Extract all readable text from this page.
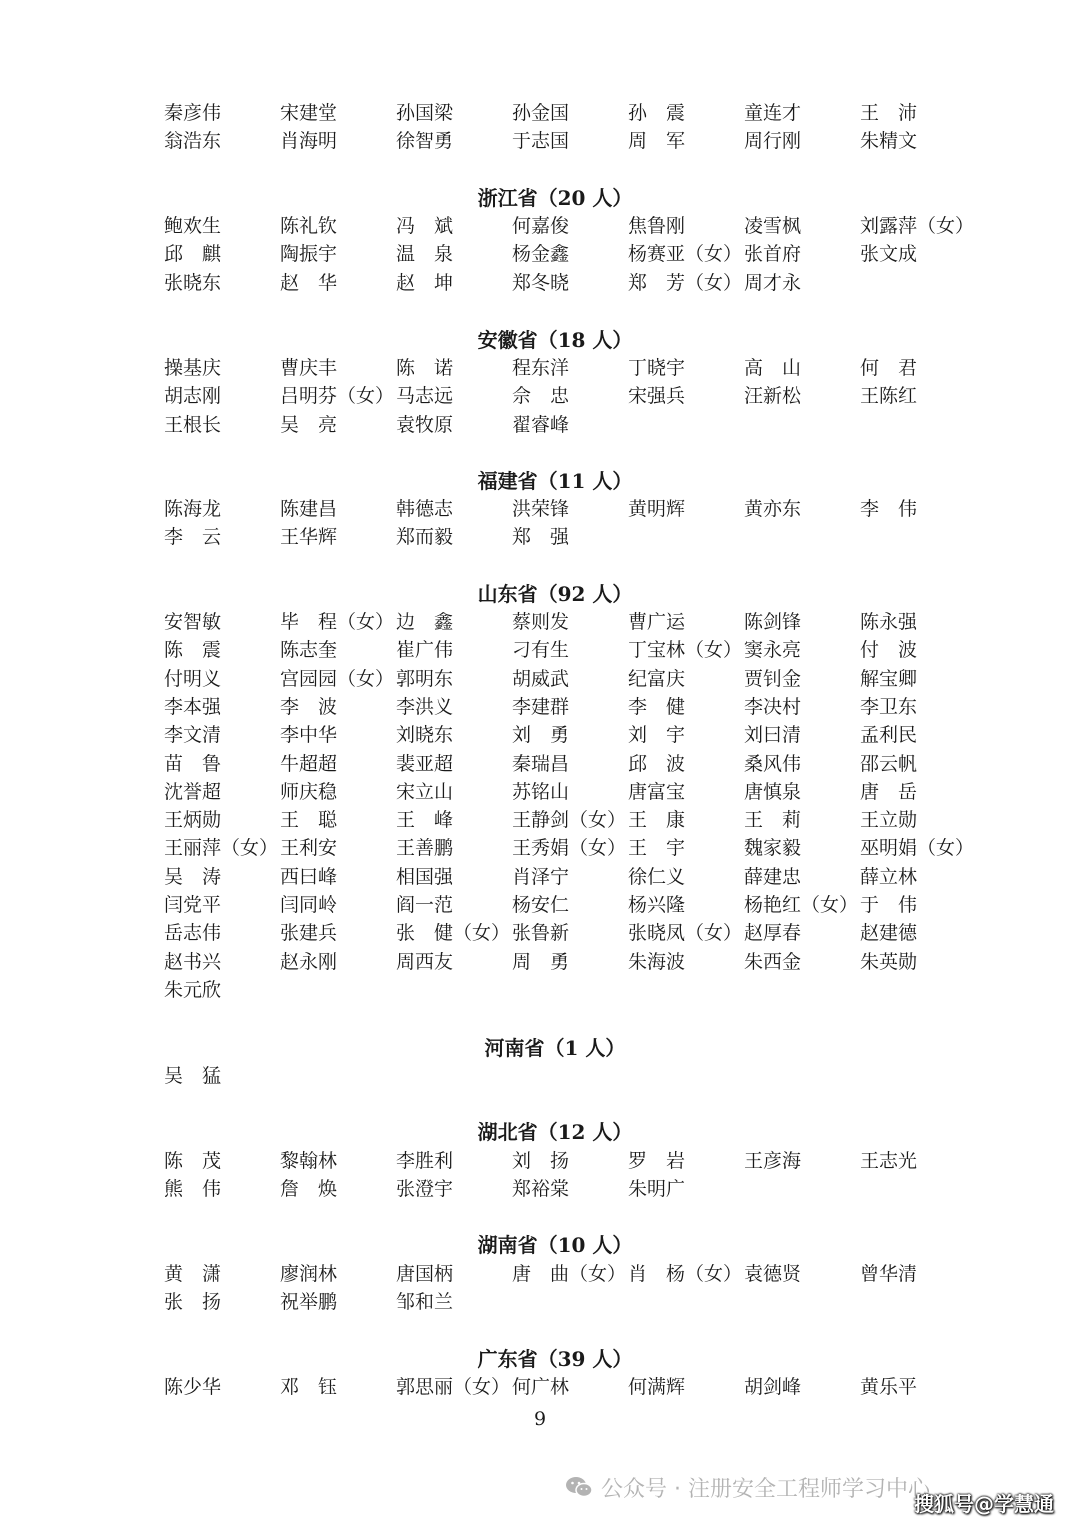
秦彦伟	宋建堂	孙国梁	孙金国	孙　震	童连才	王　沛
翁浩东	肖海明	徐智勇	于志国	周　军	周行刚	朱精文
浙江省（20 人）
鲍欢生	陈礼钦	冯　斌	何嘉俊	焦鲁刚	凌雪枫	刘露萍（女）
邱　麒	陶振宇	温　泉	杨金鑫	杨赛亚（女） 张首府	张文成
张晓东	赵　华	赵　坤	郑冬晓	郑　芳（女） 周才永
安徽省（18 人）
操基庆	曹庆丰	陈　诺	程东洋	丁晓宇	高　山	何　君
胡志刚	吕明芬（女） 马志远	佘　忠	宋强兵	汪新松	王陈红
王根长	吴　亮	袁牧原	翟睿峰
福建省（11 人）
陈海龙	陈建昌	韩德志	洪荣锋	黄明辉	黄亦东	李　伟
李　云	王华辉	郑而毅	郑　强
山东省（92 人）
安智敏	毕　程（女） 边　鑫	蔡则发	曹广运	陈剑锋	陈永强
陈　震	陈志奎	崔广伟	刁有生	丁宝林（女） 窦永亮	付　波
付明义	宫园园（女） 郭明东	胡威武	纪富庆	贾钊金	解宝卿
李本强	李　波	李洪义	李建群	李　健	李决村	李卫东
李文清	李中华	刘晓东	刘　勇	刘　宇	刘曰清	孟利民
苗　鲁	牛超超	裴亚超	秦瑞昌	邱　波	桑风伟	邵云帆
沈誉超	师庆稳	宋立山	苏铭山	唐富宝	唐慎泉	唐　岳
王炳勋	王　聪	王　峰	王静剑（女） 王　康	王　莉	王立勋
王丽萍（女） 王利安	王善鹏	王秀娟（女） 王　宇	魏家毅	巫明娟（女）
吴　涛	西曰峰	相国强	肖泽宁	徐仁义	薛建忠	薛立林
闫党平	闫同岭	阎一范	杨安仁	杨兴隆	杨艳红（女） 于　伟
岳志伟	张建兵	张　健（女） 张鲁新	张晓凤（女） 赵厚春	赵建德
赵书兴	赵永刚	周西友	周　勇	朱海波	朱西金	朱英勋
朱元欣
河南省（1 人）
吴　猛
湖北省（12 人）
陈　茂	黎翰林	李胜利	刘　扬	罗　岩	王彦海	王志光
熊　伟	詹　焕	张澄宇	郑裕棠	朱明广
湖南省（10 人）
黄　潇	廖润林	唐国柄	唐　曲（女） 肖　杨（女） 袁德贤	曾华清
张　扬	祝举鹏	邹和兰
广东省（39 人）
陈少华	邓　钰	郭思丽（女） 何广林	何满辉	胡剑峰	黄乐平
9
公众号 · 注册安全工程师学习中心
搜狐号@学慧通
